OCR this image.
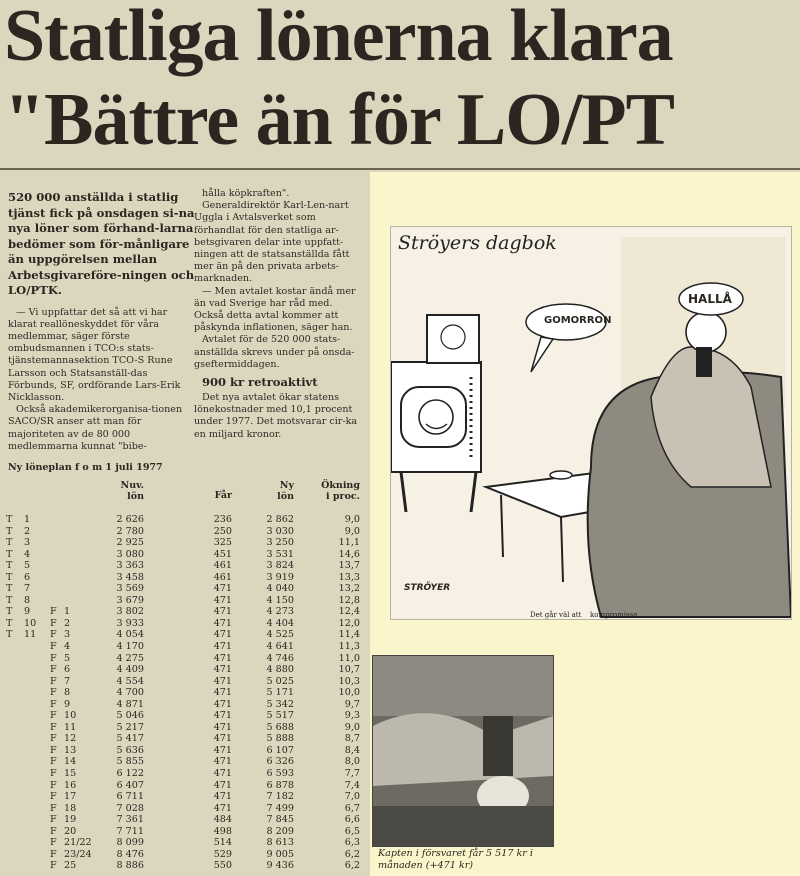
Statliga lönerna klara
"Bättre än för LO/PT

520 000 anställda i statlig tjänst fick på onsdagen si-na nya löner som förhand-larna bedömer som för-månligare än uppgörelsen mellan Arbetsgivareföre-ningen och LO/PTK.

— Vi uppfattar det så att vi har klarat reallöneskyddet för våra medlemmar, säger förste ombudsmannen i TCO:s stats-tjänstemannasektion TCO-S Rune Larsson och Statsanställ-das Förbunds, SF, ordförande Lars-Erik Nicklasson.

Också akademikerorganisa-tionen SACO/SR anser att man för majoriteten av de 80 000 medlemmarna kunnat "bibe-

hålla köpkraften".

Generaldirektör Karl-Len-nart Uggla i Avtalsverket som förhandlat för den statliga ar-betsgivaren delar inte uppfatt-ningen att de statsanställda fått mer än på den privata arbets-marknaden.

— Men avtalet kostar ändå mer än vad Sverige har råd med. Också detta avtal kommer att påskynda inflationen, säger han.

Avtalet för de 520 000 stats-anställda skrevs under på onsda-gseftermiddagen.

900 kr retroaktivt

Det nya avtalet ökar statens lönekostnader med 10,1 procent under 1977. Det motsvarar cir-ka en miljard kronor.

Ny löneplan f o m 1 juli 1977
Nuv.
lön	Får
Ny
lön
Ökning
i proc.
T 1	2 626	236	2 862	9,0
T 2	2 780	250	3 030	9,0
T 3	2 925	325	3 250	11,1
T 4	3 080	451	3 531	14,6
T 5	3 363	461	3 824	13,7
T 6	3 458	461	3 919	13,3
T 7	3 569	471	4 040	13,2
T 8	3 679	471	4 150	12,8
T 9 F 1	3 802	471	4 273	12,4
T 10 F 2	3 933	471	4 404	12,0
T 11 F 3	4 054	471	4 525	11,4
F 4	4 170	471	4 641	11,3
F 5	4 275	471	4 746	11,0
F 6	4 409	471	4 880	10,7
F 7	4 554	471	5 025	10,3
F 8	4 700	471	5 171	10,0
F 9	4 871	471	5 342	9,7
F 10	5 046	471	5 517	9,3
F 11	5 217	471	5 688	9,0
F 12	5 417	471	5 888	8,7
F 13	5 636	471	6 107	8,4
F 14	5 855	471	6 326	8,0
F 15	6 122	471	6 593	7,7
F 16	6 407	471	6 878	7,4
F 17	6 711	471	7 182	7,0
F 18	7 028	471	7 499	6,7
F 19	7 361	484	7 845	6,6
F 20	7 711	498	8 209	6,5
F 21/22	8 099	514	8 613	6,3
F 23/24	8 476	529	9 005	6,2
F 25	8 886	550	9 436	6,2
Ströyers dagbok
GOMORRON
HALLÅ
STRÖYER
Det går väl att kompromissa.
Kapten i försvaret får 5 517 kr i månaden (+471 kr)
